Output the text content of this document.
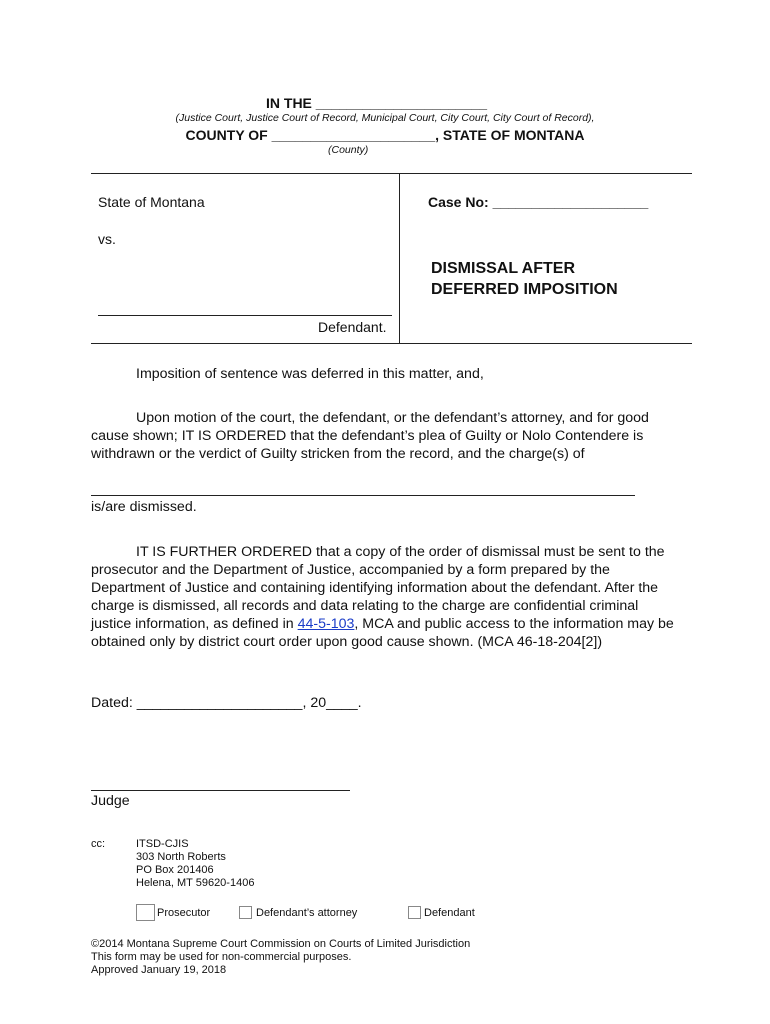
IN THE ______________________
(Justice Court, Justice Court of Record, Municipal Court, City Court, City Court of Record),
COUNTY OF _____________________, STATE OF MONTANA
(County)
State of Montana
vs.
Defendant.
Case No: ____________________
DISMISSAL AFTER
DEFERRED IMPOSITION
Imposition of sentence was deferred in this matter, and,
Upon motion of the court, the defendant, or the defendant’s attorney, and for good cause shown; IT IS ORDERED that the defendant’s plea of Guilty or Nolo Contendere is withdrawn or the verdict of Guilty stricken from the record, and the charge(s) of
is/are dismissed.
IT IS FURTHER ORDERED that a copy of the order of dismissal must be sent to the prosecutor and the Department of Justice, accompanied by a form prepared by the Department of Justice and containing identifying information about the defendant. After the charge is dismissed, all records and data relating to the charge are confidential criminal justice information, as defined in 44-5-103, MCA and public access to the information may be obtained only by district court order upon good cause shown. (MCA 46-18-204[2])
Dated: _____________________, 20____.
Judge
cc:	ITSD-CJIS
303 North Roberts
PO Box 201406
Helena, MT 59620-1406
Prosecutor	Defendant’s attorney	Defendant
©2014 Montana Supreme Court Commission on Courts of Limited Jurisdiction
This form may be used for non-commercial purposes.
Approved January 19, 2018
